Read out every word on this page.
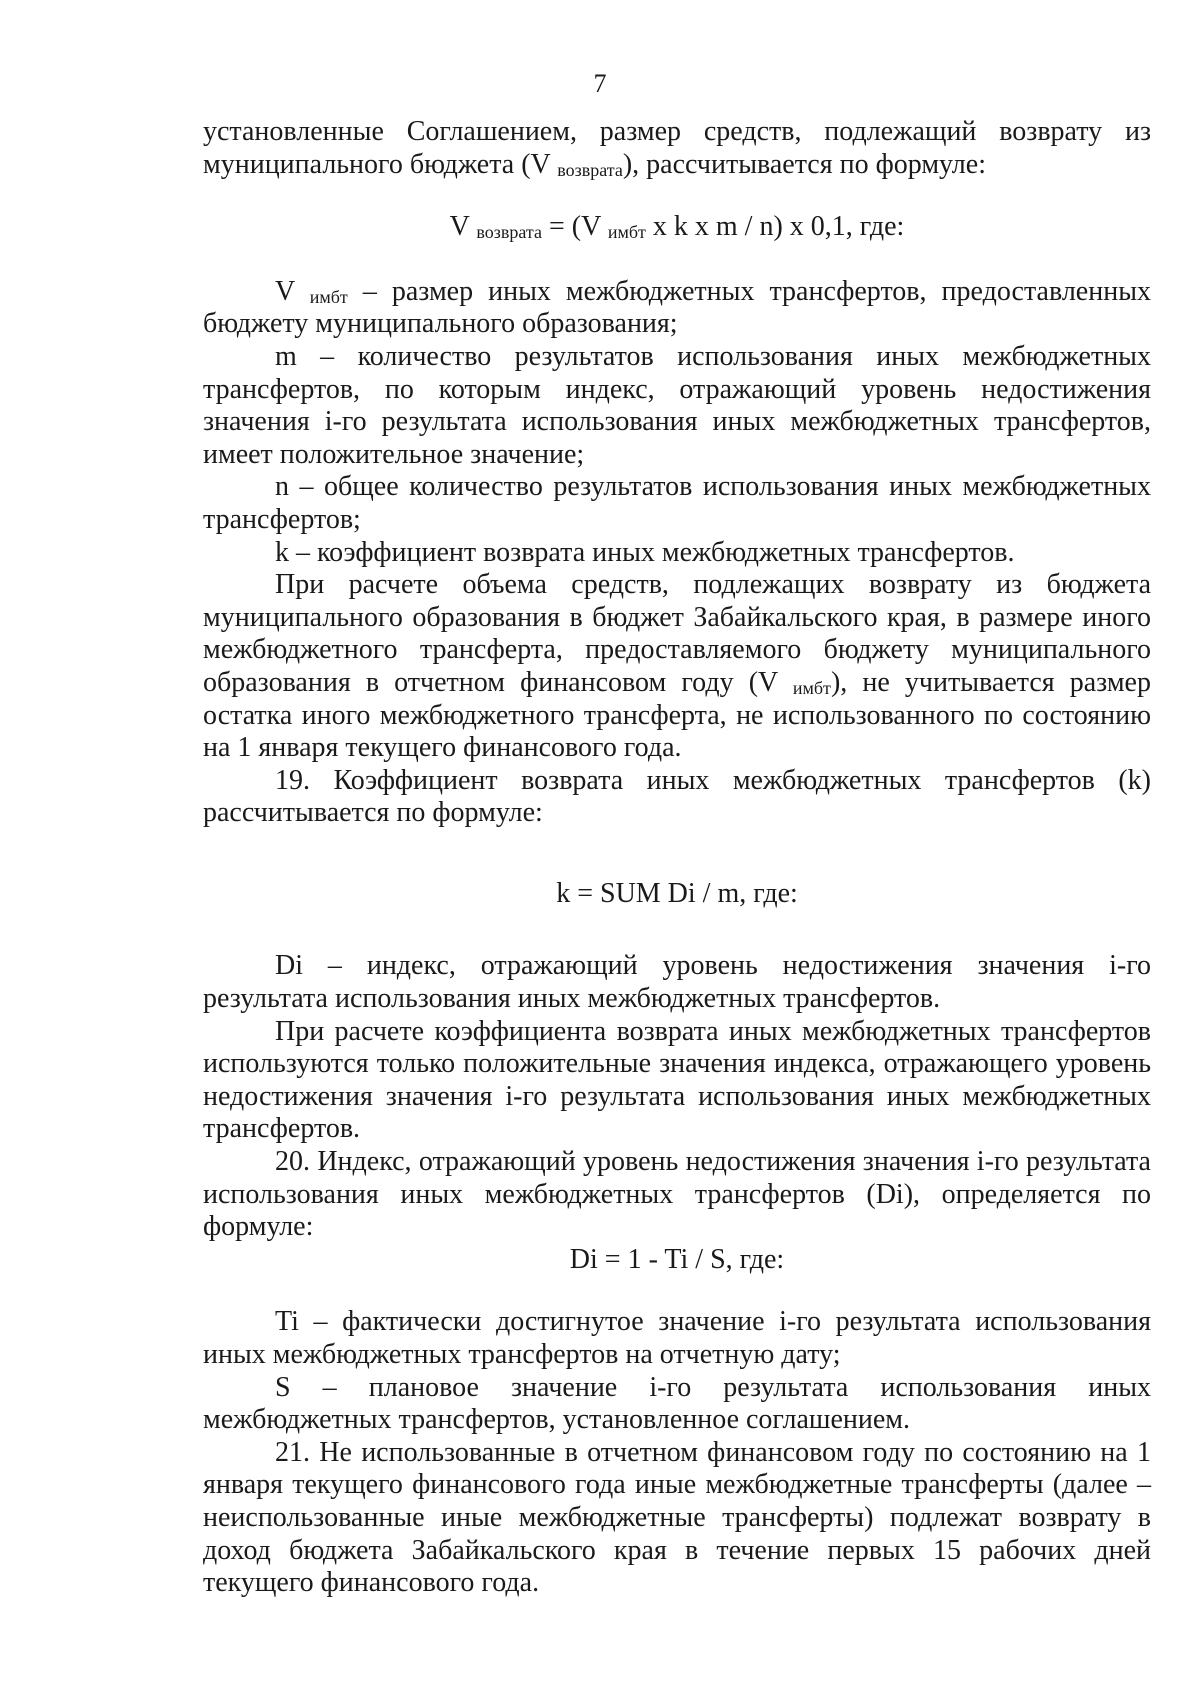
7

установленные Соглашением, размер средств, подлежащий возврату из муниципального бюджета (V возврата), рассчитывается по формуле:

V возврата = (V имбт x k x m / n) x 0,1, где:

V имбт – размер иных межбюджетных трансфертов, предоставленных бюджету муниципального образования;

m – количество результатов использования иных межбюджетных трансфертов, по которым индекс, отражающий уровень недостижения значения i-го результата использования иных межбюджетных трансфертов, имеет положительное значение;

n – общее количество результатов использования иных межбюджетных трансфертов;

k – коэффициент возврата иных межбюджетных трансфертов.

При расчете объема средств, подлежащих возврату из бюджета муниципального образования в бюджет Забайкальского края, в размере иного межбюджетного трансферта, предоставляемого бюджету муниципального образования в отчетном финансовом году (V имбт), не учитывается размер остатка иного межбюджетного трансферта, не использованного по состоянию на 1 января текущего финансового года.

19. Коэффициент возврата иных межбюджетных трансфертов (k) рассчитывается по формуле:

k = SUM Di / m, где:

Di – индекс, отражающий уровень недостижения значения i-го результата использования иных межбюджетных трансфертов.

При расчете коэффициента возврата иных межбюджетных трансфертов используются только положительные значения индекса, отражающего уровень недостижения значения i-го результата использования иных межбюджетных трансфертов.

20. Индекс, отражающий уровень недостижения значения i-го результата использования иных межбюджетных трансфертов (Di), определяется по формуле:

Di = 1 - Ti / S, где:

Ti – фактически достигнутое значение i-го результата использования иных межбюджетных трансфертов на отчетную дату;

S – плановое значение i-го результата использования иных межбюджетных трансфертов, установленное соглашением.

21. Не использованные в отчетном финансовом году по состоянию на 1 января текущего финансового года иные межбюджетные трансферты (далее – неиспользованные иные межбюджетные трансферты) подлежат возврату в доход бюджета Забайкальского края в течение первых 15 рабочих дней текущего финансового года.
